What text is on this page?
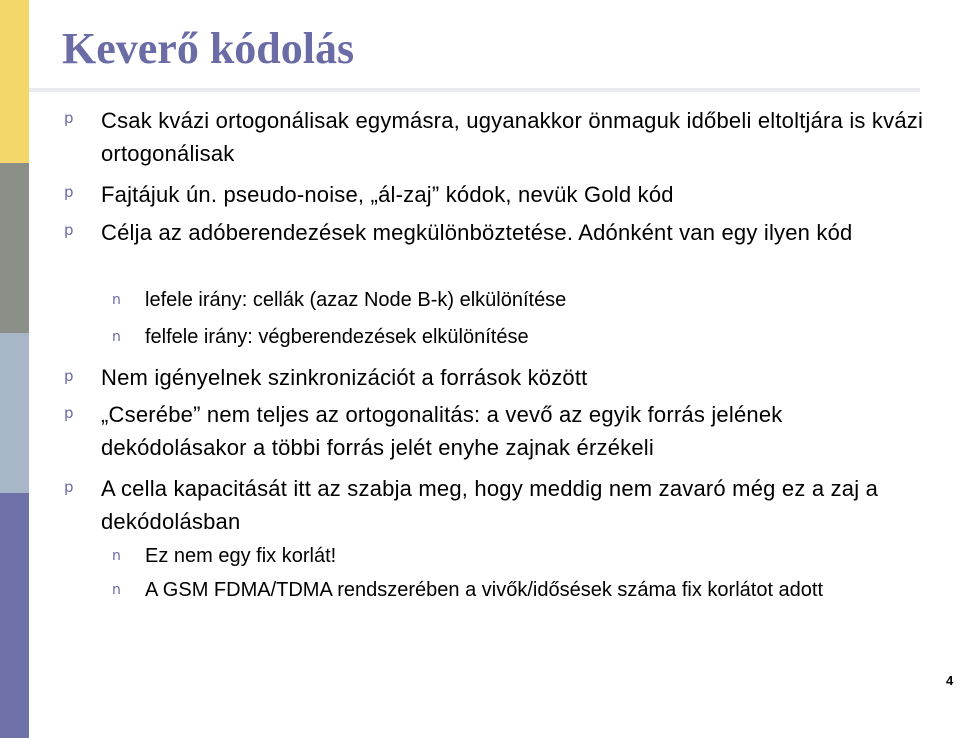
Keverő kódolás
p Csak kvázi ortogonálisak egymásra, ugyanakkor önmaguk időbeli eltoltjára is kvázi ortogonálisak
p Fajtájuk ún. pseudo-noise, „ál-zaj” kódok, nevük Gold kód
p Célja az adóberendezések megkülönböztetése. Adónként van egy ilyen kód
n lefele irány: cellák (azaz Node B-k) elkülönítése
n felfele irány: végberendezések elkülönítése
p Nem igényelnek szinkronizációt a források között
p „Cserébe” nem teljes az ortogonalitás: a vevő az egyik forrás jelének dekódolásakor a többi forrás jelét enyhe zajnak érzékeli
p A cella kapacitását itt az szabja meg, hogy meddig nem zavaró még ez a zaj a dekódolásban
n Ez nem egy fix korlát!
n A GSM FDMA/TDMA rendszerében a vivők/idősések száma fix korlátot adott
4
